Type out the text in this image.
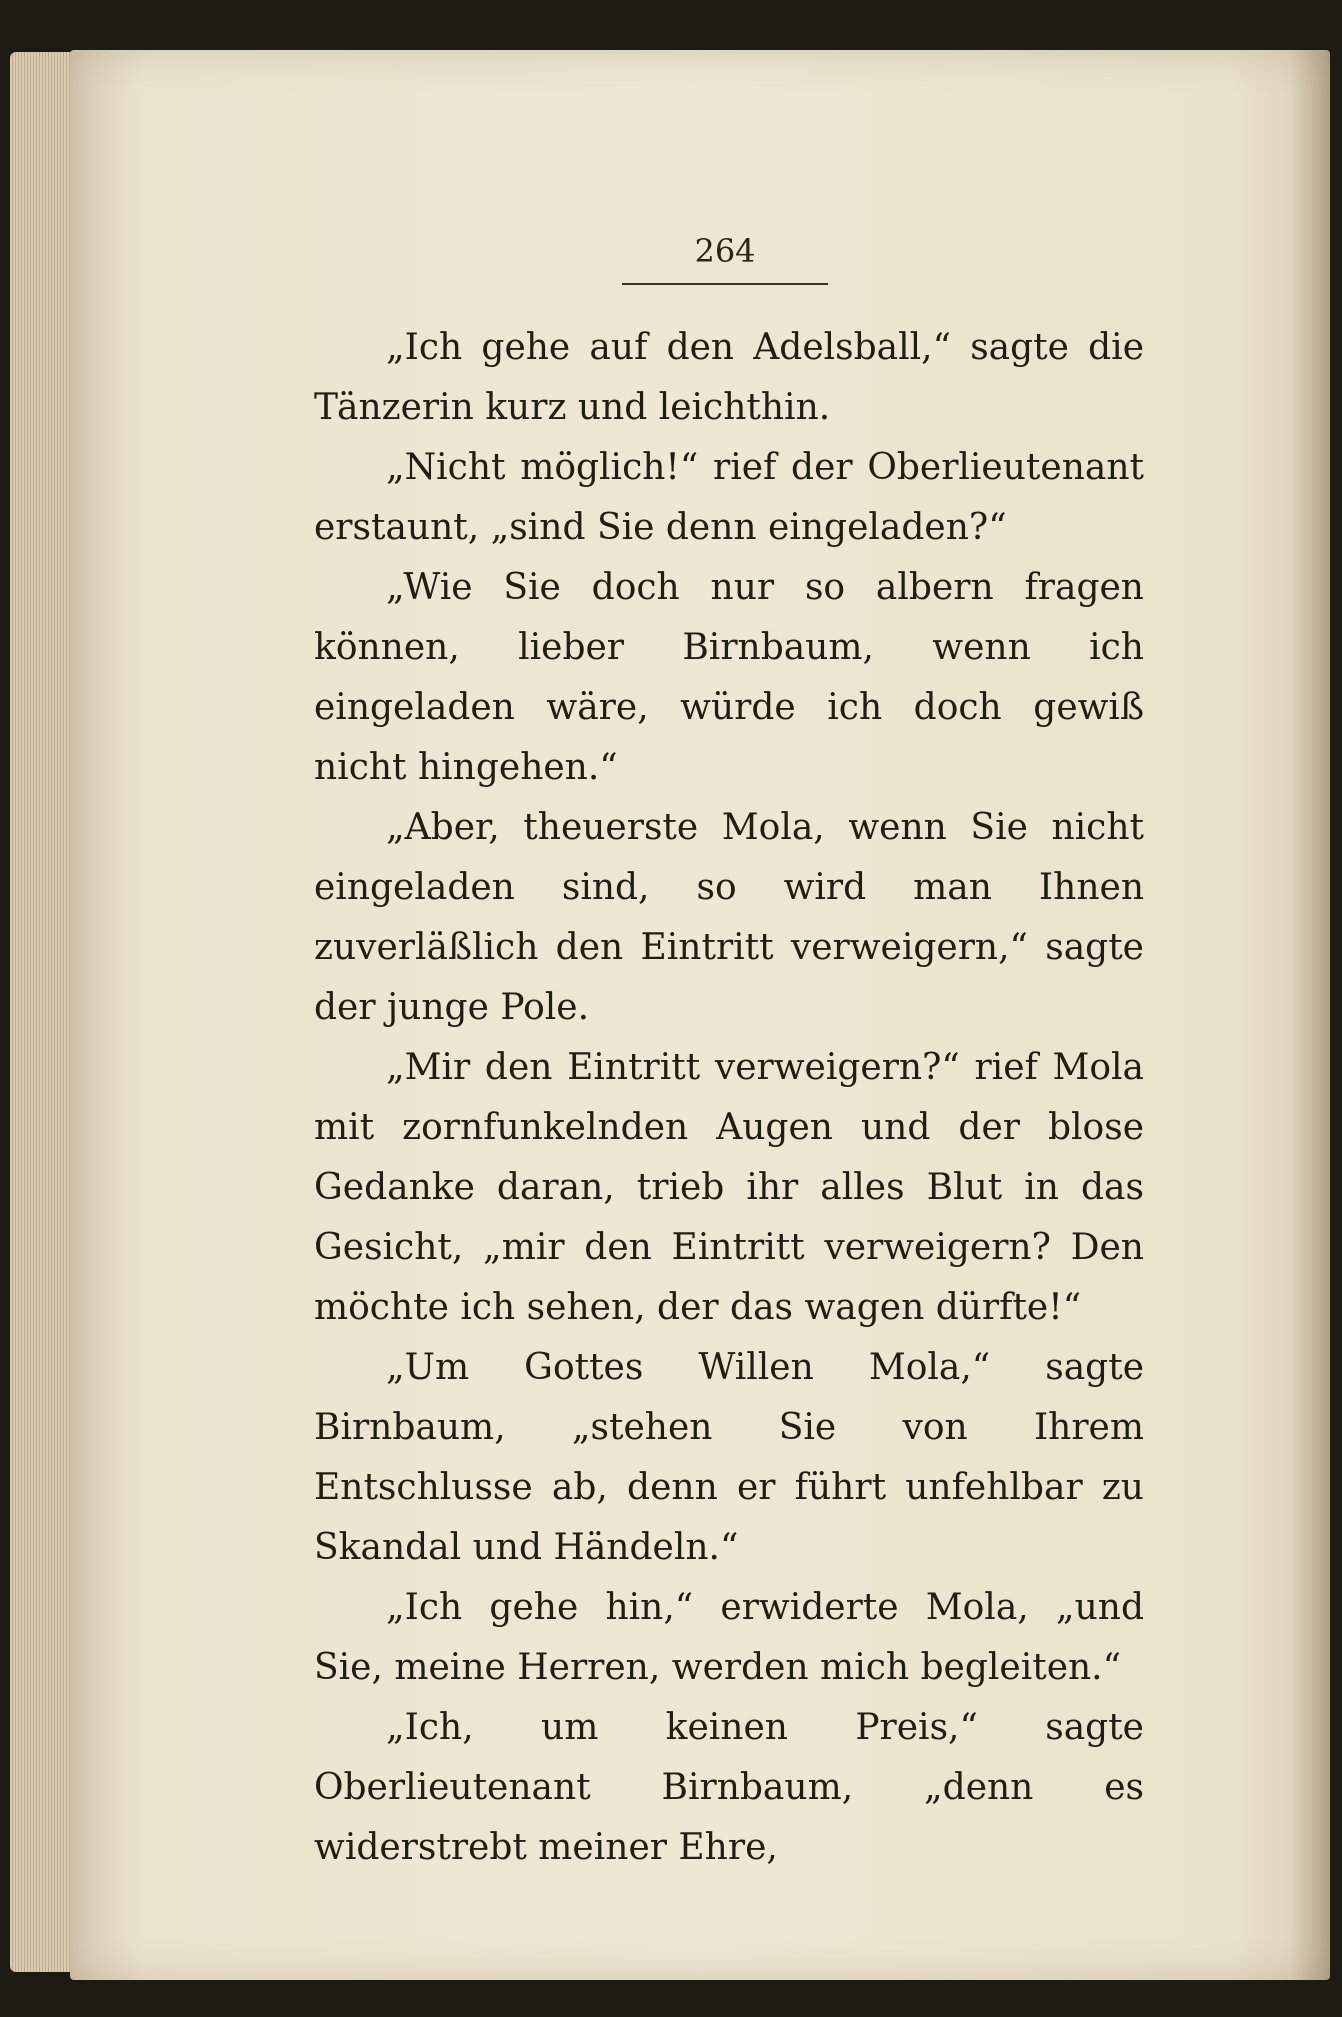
264

„Ich gehe auf den Adelsball,“ sagte die Tänzerin kurz und leichthin.

„Nicht möglich!“ rief der Oberlieutenant erstaunt, „sind Sie denn eingeladen?“

„Wie Sie doch nur so albern fragen können, lieber Birnbaum, wenn ich eingeladen wäre, würde ich doch gewiß nicht hingehen.“

„Aber, theuerste Mola, wenn Sie nicht eingeladen sind, so wird man Ihnen zuverläßlich den Eintritt verweigern,“ sagte der junge Pole.

„Mir den Eintritt verweigern?“ rief Mola mit zornfunkelnden Augen und der blose Gedanke daran, trieb ihr alles Blut in das Gesicht, „mir den Eintritt verweigern? Den möchte ich sehen, der das wagen dürfte!“

„Um Gottes Willen Mola,“ sagte Birnbaum, „stehen Sie von Ihrem Entschlusse ab, denn er führt unfehlbar zu Skandal und Händeln.“

„Ich gehe hin,“ erwiderte Mola, „und Sie, meine Herren, werden mich begleiten.“

„Ich, um keinen Preis,“ sagte Oberlieutenant Birnbaum, „denn es widerstrebt meiner Ehre,
